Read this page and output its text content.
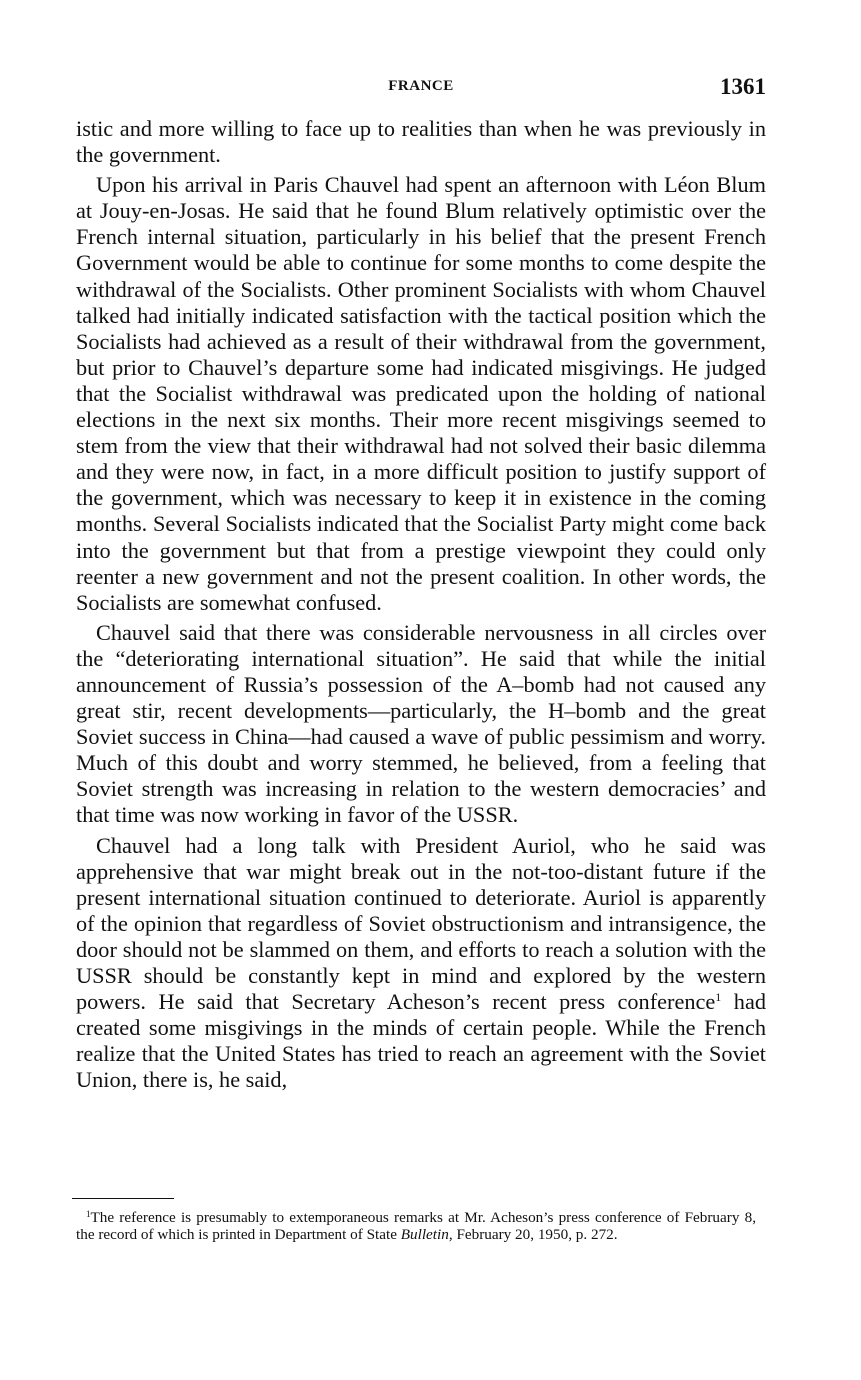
FRANCE	1361

istic and more willing to face up to realities than when he was previously in the government.

Upon his arrival in Paris Chauvel had spent an afternoon with Léon Blum at Jouy-en-Josas. He said that he found Blum relatively optimistic over the French internal situation, particularly in his belief that the present French Government would be able to continue for some months to come despite the withdrawal of the Socialists. Other prominent Socialists with whom Chauvel talked had initially indicated satisfaction with the tactical position which the Socialists had achieved as a result of their withdrawal from the government, but prior to Chauvel’s departure some had indicated misgivings. He judged that the Socialist withdrawal was predicated upon the holding of national elections in the next six months. Their more recent misgivings seemed to stem from the view that their withdrawal had not solved their basic dilemma and they were now, in fact, in a more difficult position to justify support of the government, which was necessary to keep it in existence in the coming months. Several Socialists indicated that the Socialist Party might come back into the government but that from a prestige viewpoint they could only reenter a new government and not the present coalition. In other words, the Socialists are somewhat confused.

Chauvel said that there was considerable nervousness in all circles over the “deteriorating international situation”. He said that while the initial announcement of Russia’s possession of the A–bomb had not caused any great stir, recent developments—particularly, the H–bomb and the great Soviet success in China—had caused a wave of public pessimism and worry. Much of this doubt and worry stemmed, he believed, from a feeling that Soviet strength was increasing in relation to the western democracies’ and that time was now working in favor of the USSR.

Chauvel had a long talk with President Auriol, who he said was apprehensive that war might break out in the not-too-distant future if the present international situation continued to deteriorate. Auriol is apparently of the opinion that regardless of Soviet obstructionism and intransigence, the door should not be slammed on them, and efforts to reach a solution with the USSR should be constantly kept in mind and explored by the western powers. He said that Secretary Acheson’s recent press conference$^1$ had created some misgivings in the minds of certain people. While the French realize that the United States has tried to reach an agreement with the Soviet Union, there is, he said,

$^1$The reference is presumably to extemporaneous remarks at Mr. Acheson’s press conference of February 8, the record of which is printed in Department of State Bulletin, February 20, 1950, p. 272.
